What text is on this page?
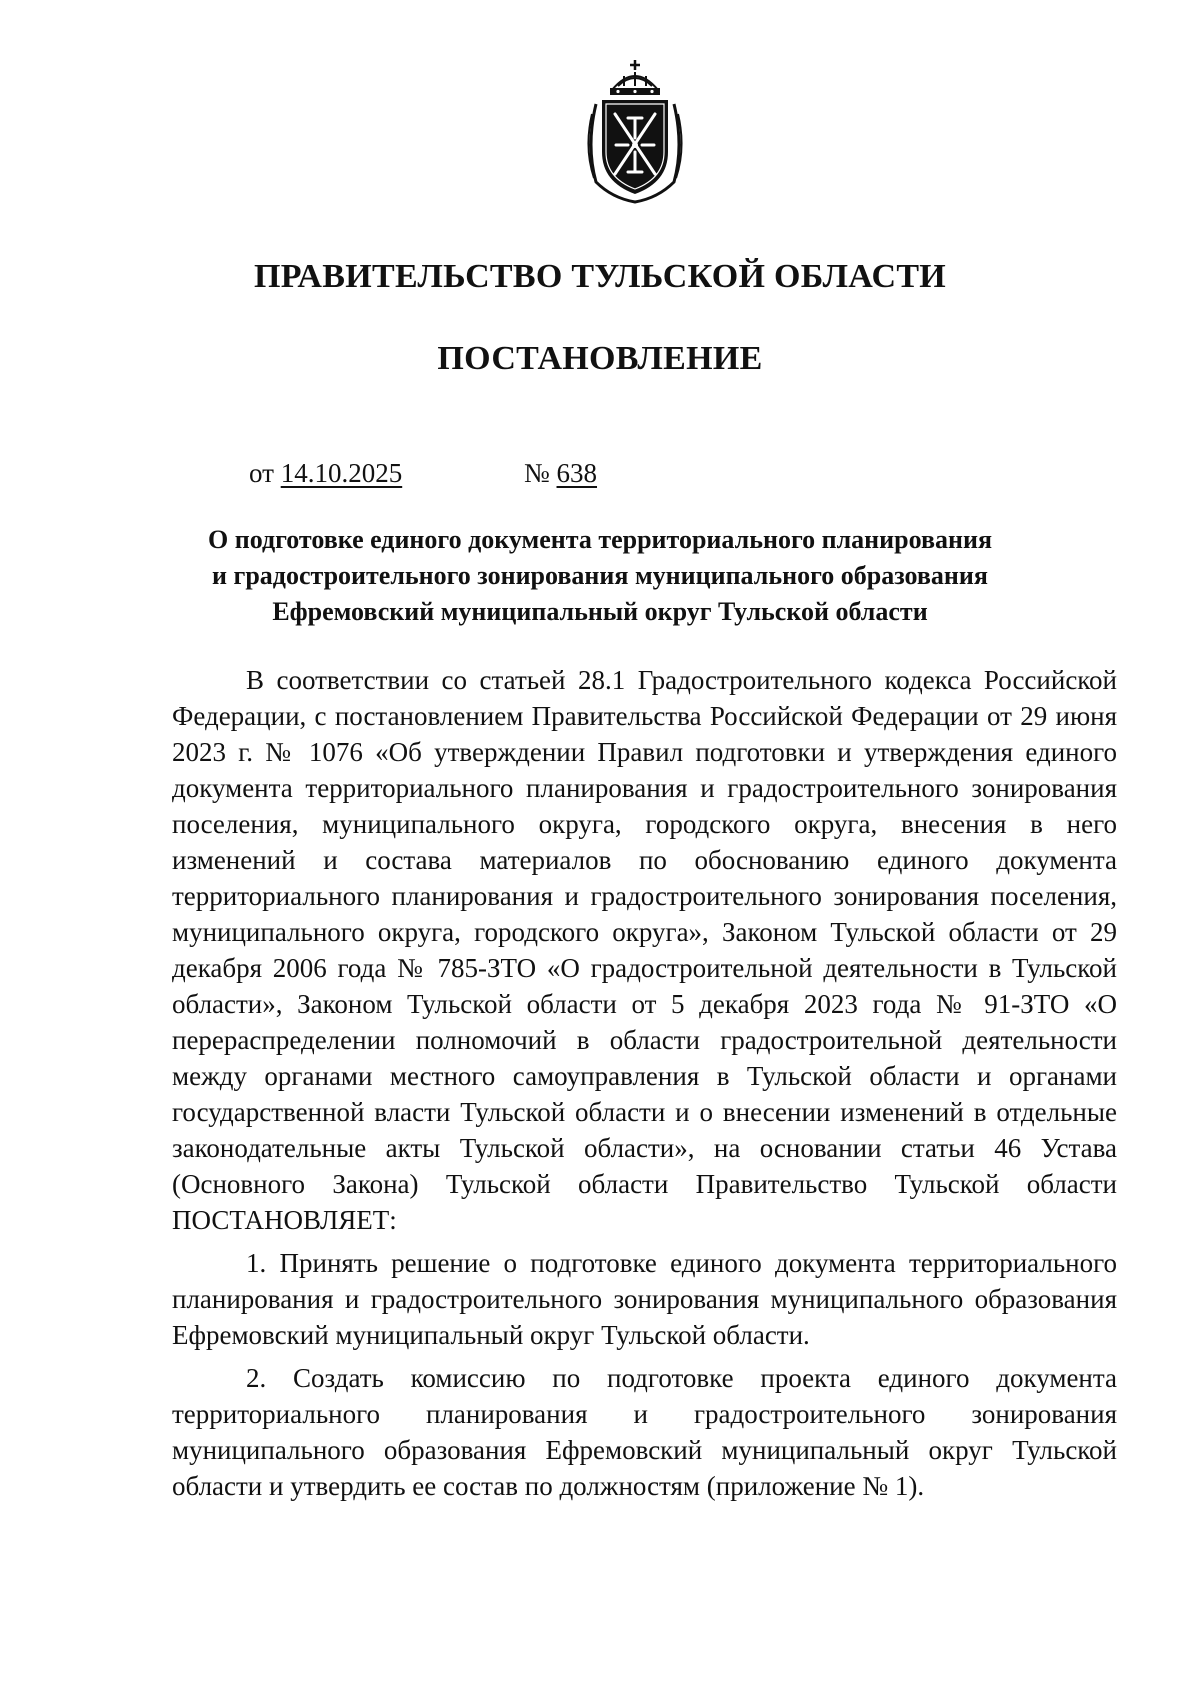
ПРАВИТЕЛЬСТВО ТУЛЬСКОЙ ОБЛАСТИ
ПОСТАНОВЛЕНИЕ
от 14.10.2025	№ 638
О подготовке единого документа территориального планирования
и градостроительного зонирования муниципального образования
Ефремовский муниципальный округ Тульской области

В соответствии со статьей 28.1 Градостроительного кодекса Российской Федерации, с постановлением Правительства Российской Федерации от 29 июня 2023 г. № 1076 «Об утверждении Правил подготовки и утверждения единого документа территориального планирования и градостроительного зонирования поселения, муниципального округа, городского округа, внесения в него изменений и состава материалов по обоснованию единого документа территориального планирования и градостроительного зонирования поселения, муниципального округа, городского округа», Законом Тульской области от 29 декабря 2006 года № 785-ЗТО «О градостроительной деятельности в Тульской области», Законом Тульской области от 5 декабря 2023 года № 91-ЗТО «О перераспределении полномочий в области градостроительной деятельности между органами местного самоуправления в Тульской области и органами государственной власти Тульской области и о внесении изменений в отдельные законодательные акты Тульской области», на основании статьи 46 Устава (Основного Закона) Тульской области Правительство Тульской области ПОСТАНОВЛЯЕТ:

1. Принять решение о подготовке единого документа территориального планирования и градостроительного зонирования муниципального образования Ефремовский муниципальный округ Тульской области.

2. Создать комиссию по подготовке проекта единого документа территориального планирования и градостроительного зонирования муниципального образования Ефремовский муниципальный округ Тульской области и утвердить ее состав по должностям (приложение № 1).
